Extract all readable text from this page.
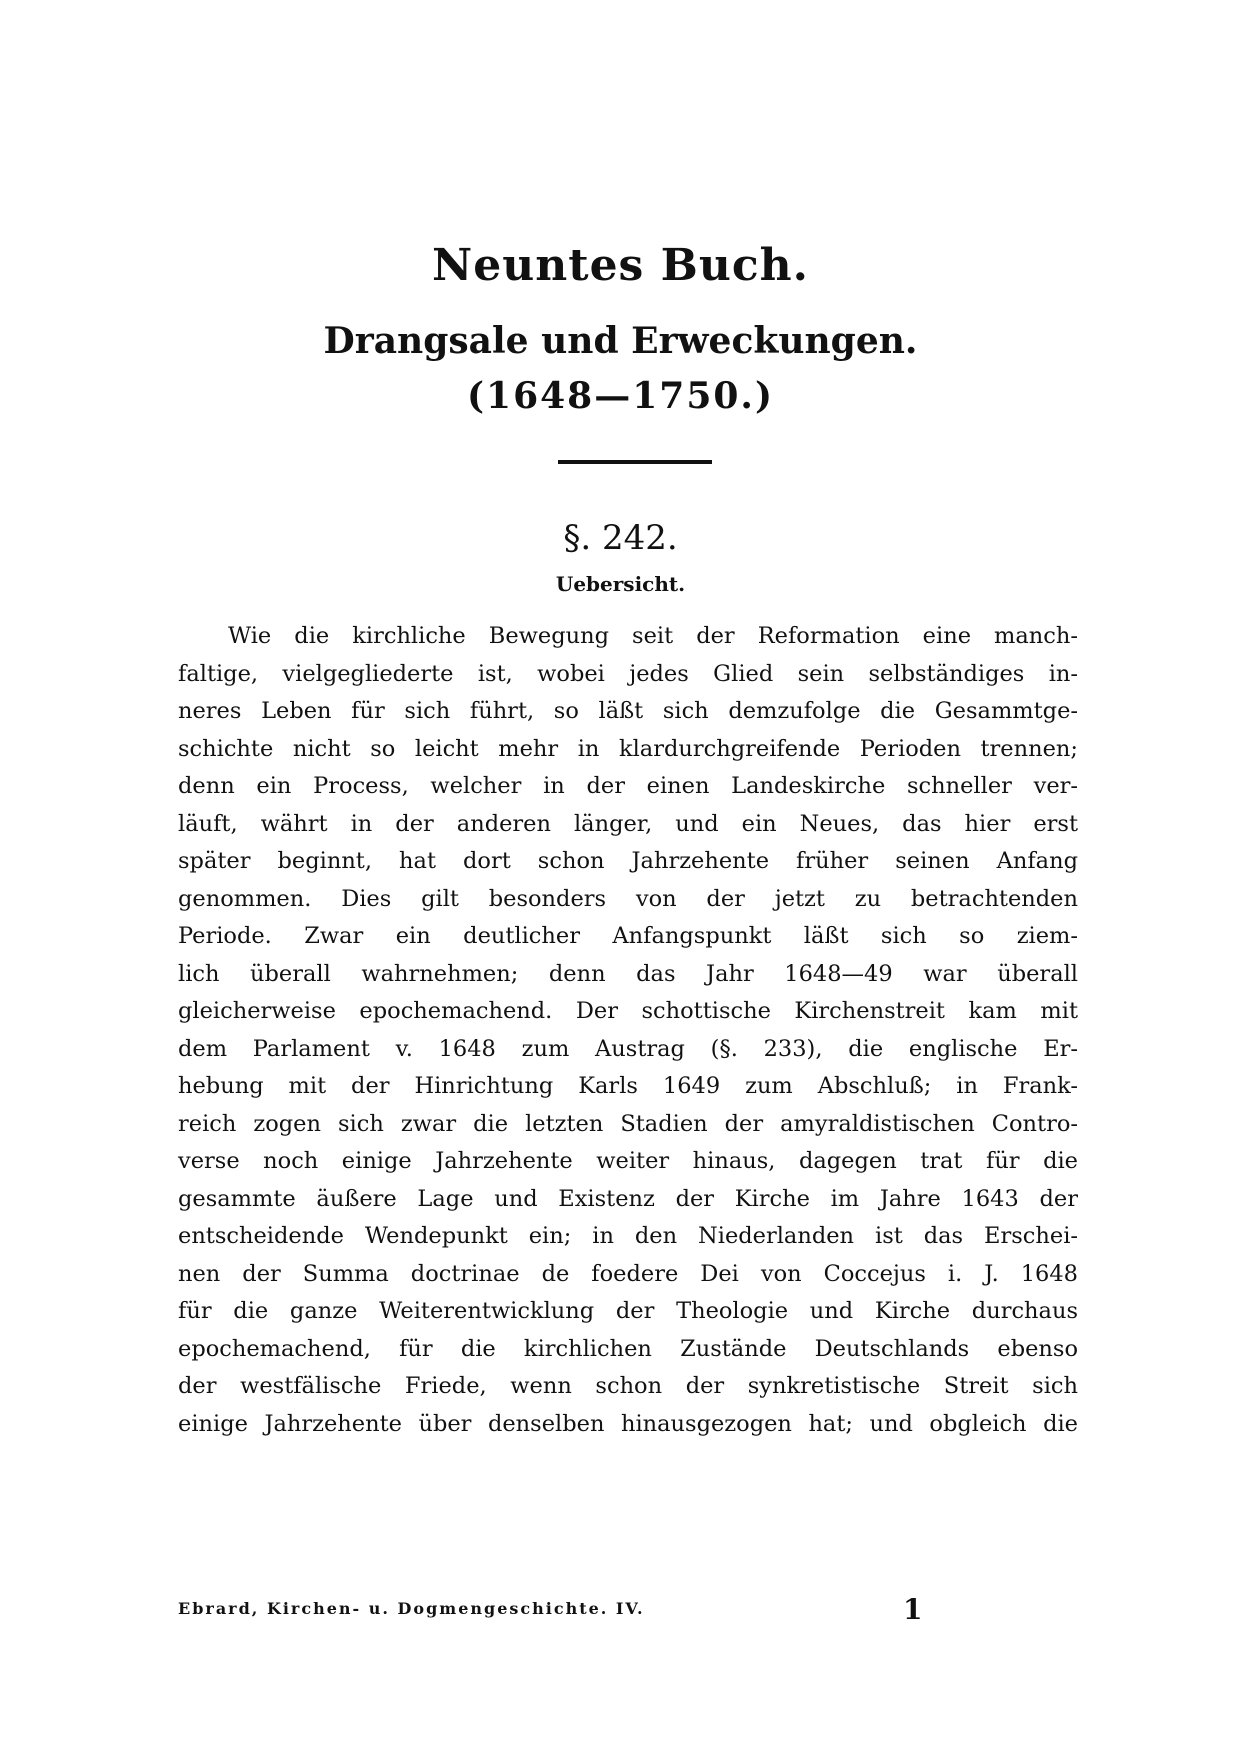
Neuntes Buch.
Drangsale und Erweckungen.
(1648—1750.)
§. 242.
Uebersicht.
Wie die kirchliche Bewegung seit der Reformation eine manch-
faltige, vielgegliederte ist, wobei jedes Glied sein selbständiges in-
neres Leben für sich führt, so läßt sich demzufolge die Gesammtge-
schichte nicht so leicht mehr in klardurchgreifende Perioden trennen;
denn ein Process, welcher in der einen Landeskirche schneller ver-
läuft, währt in der anderen länger, und ein Neues, das hier erst
später beginnt, hat dort schon Jahrzehente früher seinen Anfang
genommen. Dies gilt besonders von der jetzt zu betrachtenden
Periode. Zwar ein deutlicher Anfangspunkt läßt sich so ziem-
lich überall wahrnehmen; denn das Jahr 1648—49 war überall
gleicherweise epochemachend. Der schottische Kirchenstreit kam mit
dem Parlament v. 1648 zum Austrag (§. 233), die englische Er-
hebung mit der Hinrichtung Karls 1649 zum Abschluß; in Frank-
reich zogen sich zwar die letzten Stadien der amyraldistischen Contro-
verse noch einige Jahrzehente weiter hinaus, dagegen trat für die
gesammte äußere Lage und Existenz der Kirche im Jahre 1643 der
entscheidende Wendepunkt ein; in den Niederlanden ist das Erschei-
nen der Summa doctrinae de foedere Dei von Coccejus i. J. 1648
für die ganze Weiterentwicklung der Theologie und Kirche durchaus
epochemachend, für die kirchlichen Zustände Deutschlands ebenso
der westfälische Friede, wenn schon der synkretistische Streit sich
einige Jahrzehente über denselben hinausgezogen hat; und obgleich die
Ebrard, Kirchen- u. Dogmengeschichte. IV.	1
